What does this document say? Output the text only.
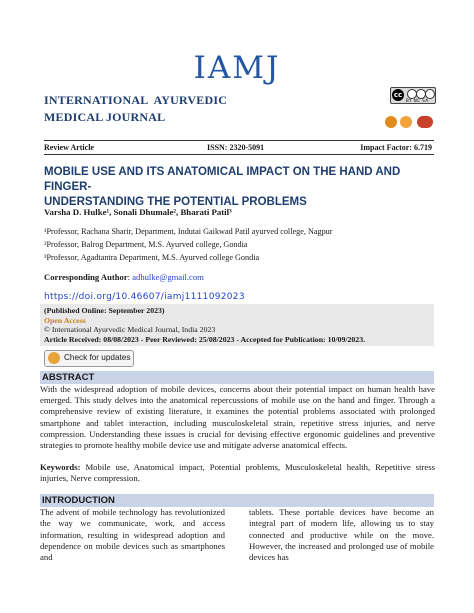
IAMJ
INTERNATIONAL  AYURVEDIC
MEDICAL JOURNAL
cc
BY NC SA
Review Article	ISSN: 2320-5091	Impact Factor: 6.719
MOBILE USE AND ITS ANATOMICAL IMPACT ON THE HAND AND FINGER-
UNDERSTANDING THE POTENTIAL PROBLEMS
Varsha D. Hulke¹, Sonali Dhumale², Bharati Patil³
¹Professor, Rachana Sharir, Department, Indutai Gaikwad Patil ayurved college, Nagpur
²Professor, Balrog Department, M.S. Ayurved college, Gondia
³Professor, Agadtantra Department, M.S. Ayurved college Gondia
Corresponding Author: adhulke@gmail.com
https://doi.org/10.46607/iamj1111092023
(Published Online: September 2023)
Open Access
© International Ayurvedic Medical Journal, India 2023
Article Received: 08/08/2023 - Peer Reviewed: 25/08/2023 - Accepted for Publication: 10/09/2023.
Check for updates
ABSTRACT
With the widespread adoption of mobile devices, concerns about their potential impact on human health have emerged. This study delves into the anatomical repercussions of mobile use on the hand and finger. Through a comprehensive review of existing literature, it examines the potential problems associated with prolonged smartphone and tablet interaction, including musculoskeletal strain, repetitive stress injuries, and nerve compression. Understanding these issues is crucial for devising effective ergonomic guidelines and preventive strategies to promote healthy mobile device use and mitigate adverse anatomical effects.
Keywords: Mobile use, Anatomical impact, Potential problems, Musculoskeletal health, Repetitive stress injuries, Nerve compression.
INTRODUCTION
The advent of mobile technology has revolutionized the way we communicate, work, and access information, resulting in widespread adoption and dependence on mobile devices such as smartphones and
tablets. These portable devices have become an integral part of modern life, allowing us to stay connected and productive while on the move. However, the increased and prolonged use of mobile devices has
